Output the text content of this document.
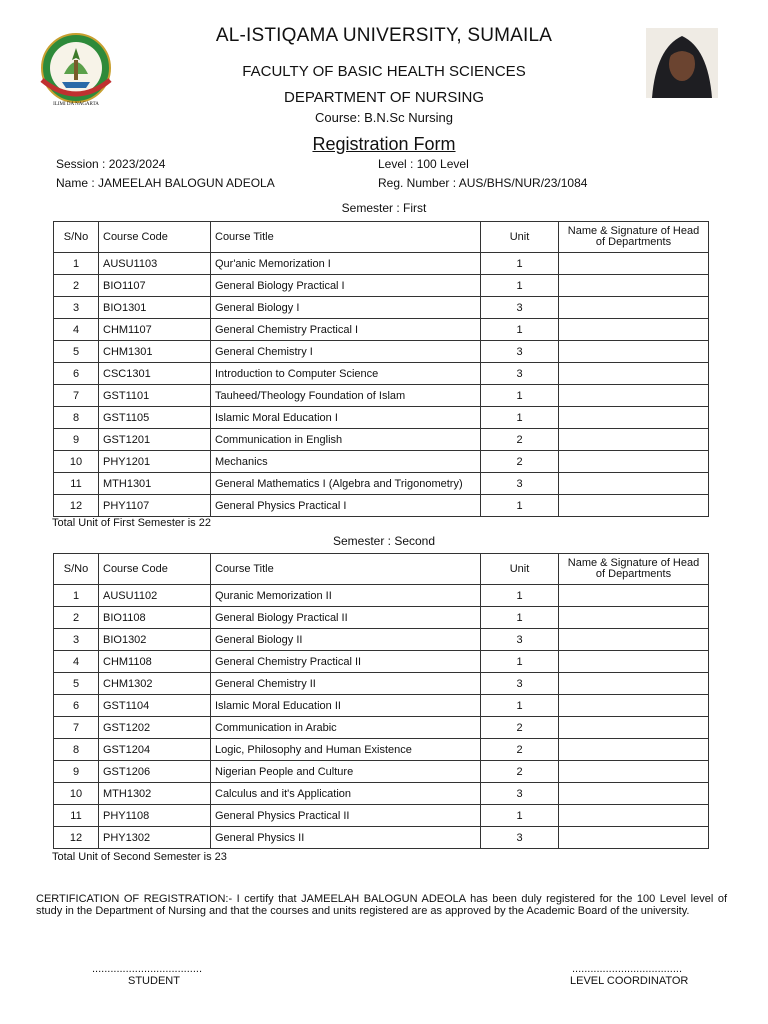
ILIMI DA NAGARTA
AL-ISTIQAMA UNIVERSITY, SUMAILA
FACULTY OF BASIC HEALTH SCIENCES
DEPARTMENT OF NURSING
Course: B.N.Sc Nursing
Registration Form
Session : 2023/2024	Level : 100 Level
Name : JAMEELAH BALOGUN ADEOLA	Reg. Number : AUS/BHS/NUR/23/1084
Semester : First
S/No	Course Code	Course Title	Unit	Name & Signature of Head
of Departments
1	AUSU1103	Qur'anic Memorization I	1	
2	BIO1107	General Biology Practical I	1	
3	BIO1301	General Biology I	3	
4	CHM1107	General Chemistry Practical I	1	
5	CHM1301	General Chemistry I	3	
6	CSC1301	Introduction to Computer Science	3	
7	GST1101	Tauheed/Theology Foundation of Islam	1	
8	GST1105	Islamic Moral Education I	1	
9	GST1201	Communication in English	2	
10	PHY1201	Mechanics	2	
11	MTH1301	General Mathematics I (Algebra and Trigonometry)	3	
12	PHY1107	General Physics Practical I	1	
Total Unit of First Semester is 22
Semester : Second
S/No	Course Code	Course Title	Unit	Name & Signature of Head
of Departments
1	AUSU1102	Quranic Memorization II	1	
2	BIO1108	General Biology Practical II	1	
3	BIO1302	General Biology II	3	
4	CHM1108	General Chemistry Practical II	1	
5	CHM1302	General Chemistry II	3	
6	GST1104	Islamic Moral Education II	1	
7	GST1202	Communication in Arabic	2	
8	GST1204	Logic, Philosophy and Human Existence	2	
9	GST1206	Nigerian People and Culture	2	
10	MTH1302	Calculus and it's Application	3	
11	PHY1108	General Physics Practical II	1	
12	PHY1302	General Physics II	3	
Total Unit of Second Semester is 23
CERTIFICATION OF REGISTRATION:- I certify that JAMEELAH BALOGUN ADEOLA has been duly registered for the 100 Level level of study in the Department of Nursing and that the courses and units registered are as approved by the Academic Board of the university.
....................................
STUDENT
....................................
LEVEL COORDINATOR
